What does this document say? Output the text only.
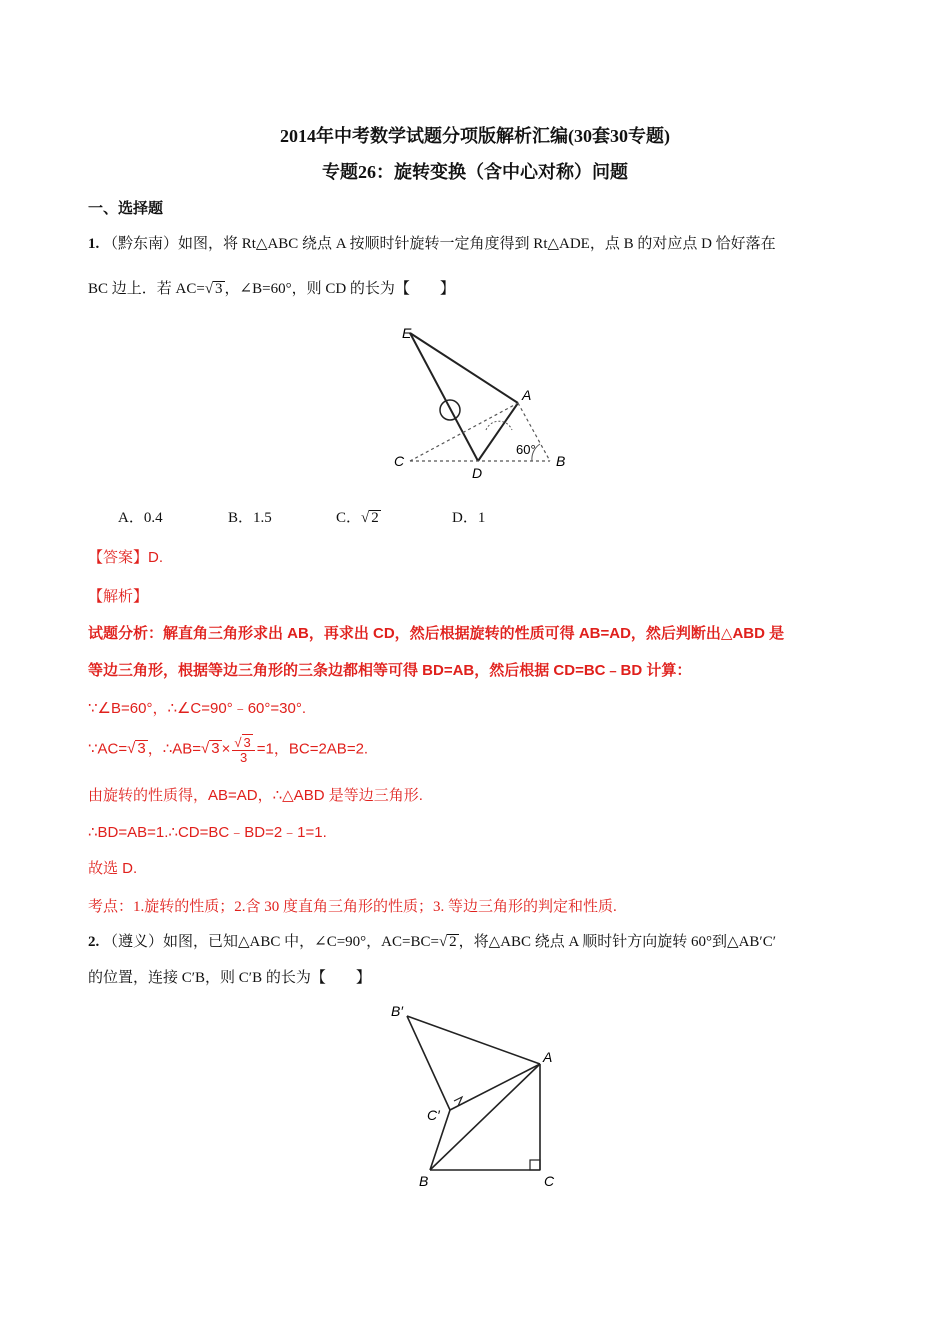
2014年中考数学试题分项版解析汇编(30套30专题)
专题26：旋转变换（含中心对称）问题
一、选择题
1. （黔东南）如图，将 Rt△ABC 绕点 A 按顺时针旋转一定角度得到 Rt△ADE，点 B 的对应点 D 恰好落在
BC 边上．若 AC=√ 3 ，∠B=60°，则 CD 的长为【　　】
E
A
C
D
B
60°
A．0.4	B．1.5	C．√ 2	D．1
【答案】D.
【解析】
试题分析：解直角三角形求出 AB，再求出 CD，然后根据旋转的性质可得 AB=AD，然后判断出△ABD 是
等边三角形，根据等边三角形的三条边都相等可得 BD=AB，然后根据 CD=BC﹣BD 计算：
∵∠B=60°，∴∠C=90°﹣60°=30°.
∵AC=√ 3 ，∴AB=√ $3 \times \frac{√ 3}{3} =1$，BC=2AB=2.
由旋转的性质得，AB=AD，∴△ABD 是等边三角形.
∴BD=AB=1.∴CD=BC﹣BD=2﹣1=1.
故选 D.
考点：1.旋转的性质；2.含 30 度直角三角形的性质；3. 等边三角形的判定和性质.
2. （遵义）如图，已知△ABC 中，∠C=90°，AC=BC=√ 2 ，将△ABC 绕点 A 顺时针方向旋转 60°到△AB′C′
的位置，连接 C′B，则 C′B 的长为【　　】
B′
A
C′
B	C
